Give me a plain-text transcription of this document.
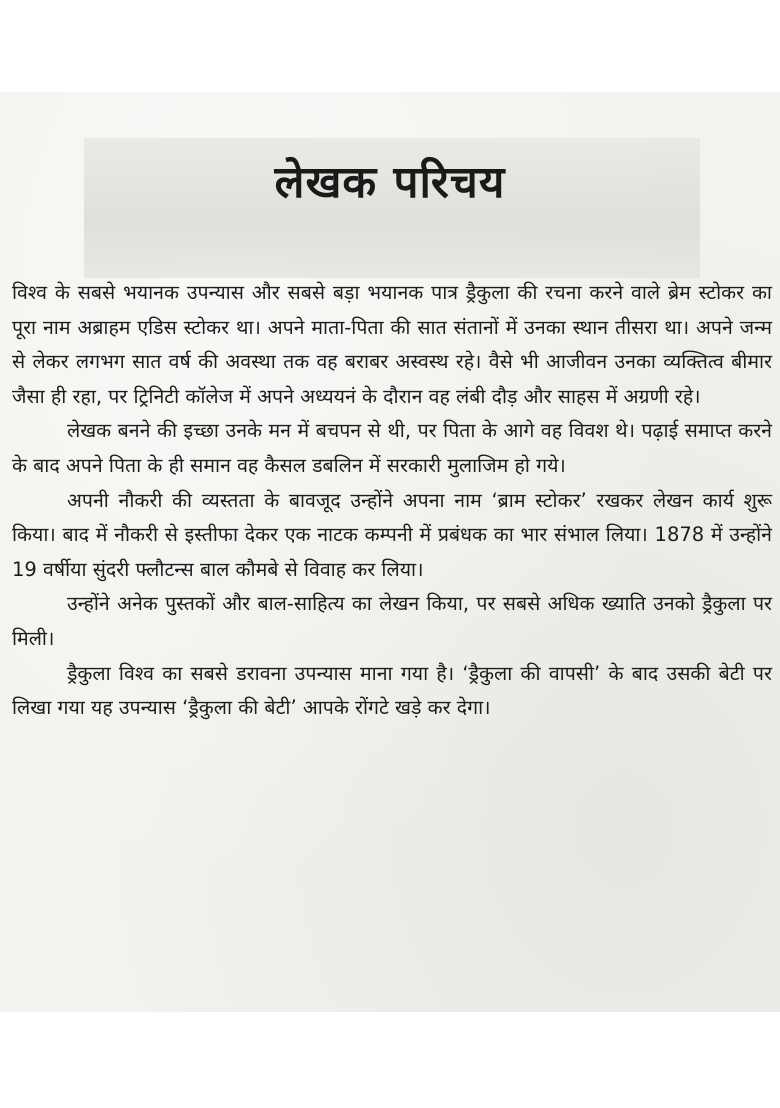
लेखक परिचय

विश्व के सबसे भयानक उपन्यास और सबसे बड़ा भयानक पात्र ड्रैकुला की रचना करने वाले ब्रेम स्टोकर का पूरा नाम अब्राहम एडिस स्टोकर था। अपने माता-पिता की सात संतानों में उनका स्थान तीसरा था। अपने जन्म से लेकर लगभग सात वर्ष की अवस्था तक वह बराबर अस्वस्थ रहे। वैसे भी आजीवन उनका व्यक्तित्व बीमार जैसा ही रहा, पर ट्रिनिटी कॉलेज में अपने अध्ययनं के दौरान वह लंबी दौड़ और साहस में अग्रणी रहे।

लेखक बनने की इच्छा उनके मन में बचपन से थी, पर पिता के आगे वह विवश थे। पढ़ाई समाप्त करने के बाद अपने पिता के ही समान वह कैसल डबलिन में सरकारी मुलाजिम हो गये।

अपनी नौकरी की व्यस्तता के बावजूद उन्होंने अपना नाम ‘ब्राम स्टोकर’ रखकर लेखन कार्य शुरू किया। बाद में नौकरी से इस्तीफा देकर एक नाटक कम्पनी में प्रबंधक का भार संभाल लिया। 1878 में उन्होंने 19 वर्षीया सुंदरी फ्लौटन्स बाल कौमबे से विवाह कर लिया।

उन्होंने अनेक पुस्तकों और बाल-साहित्य का लेखन किया, पर सबसे अधिक ख्याति उनको ड्रैकुला पर मिली।

ड्रैकुला विश्व का सबसे डरावना उपन्यास माना गया है। ‘ड्रैकुला की वापसी’ के बाद उसकी बेटी पर लिखा गया यह उपन्यास ‘ड्रैकुला की बेटी’ आपके रोंगटे खड़े कर देगा।
